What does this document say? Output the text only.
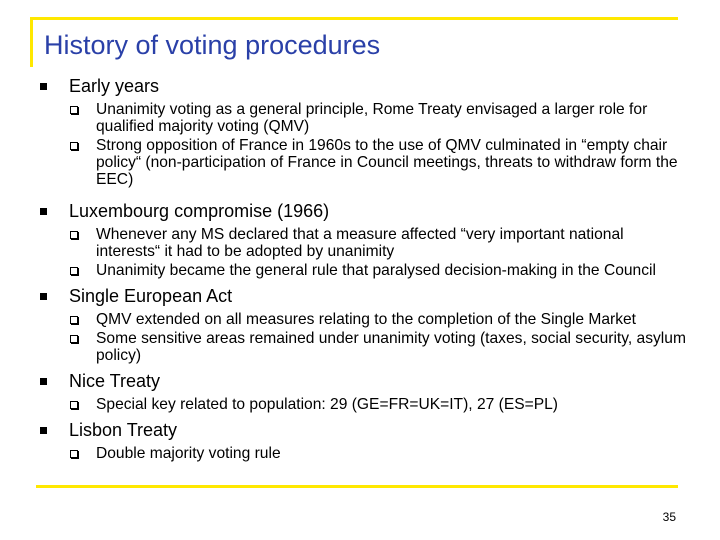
History of voting procedures
Early years
Unanimity voting as a general principle, Rome Treaty envisaged a larger role for qualified majority voting (QMV)
Strong opposition of France in 1960s to the use of QMV culminated in “empty chair policy“ (non-participation of France in Council meetings, threats to withdraw form the EEC)
Luxembourg compromise (1966)
Whenever any MS declared that a measure affected “very important national interests“ it had to be adopted by unanimity
Unanimity became the general rule that paralysed decision-making in the Council
Single European Act
QMV extended on all measures relating to the completion of the Single Market
Some sensitive areas remained under unanimity voting (taxes, social security, asylum policy)
Nice Treaty
Special key related to population: 29 (GE=FR=UK=IT), 27 (ES=PL)
Lisbon Treaty
Double majority voting rule
35
